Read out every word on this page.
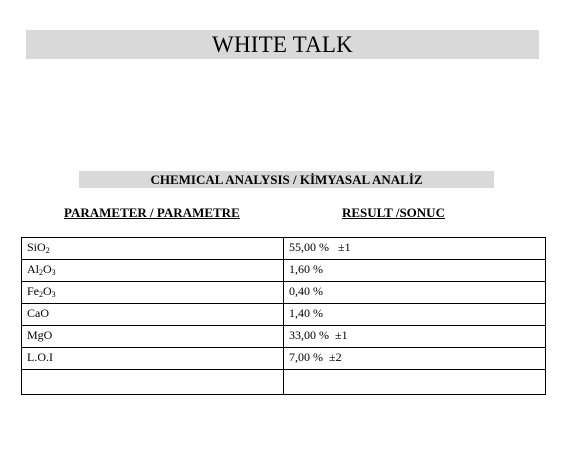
WHITE TALK
CHEMICAL ANALYSIS / KİMYASAL ANALİZ
PARAMETER / PARAMETRE	RESULT /SONUC
SiO$_2$	55,00 %   ±1
$Al_2O_3$	1,60 %
$Fe_2O_3$	0,40 %
CaO	1,40 %
MgO	33,00 %  ±1
L.O.I	7,00 %  ±2
